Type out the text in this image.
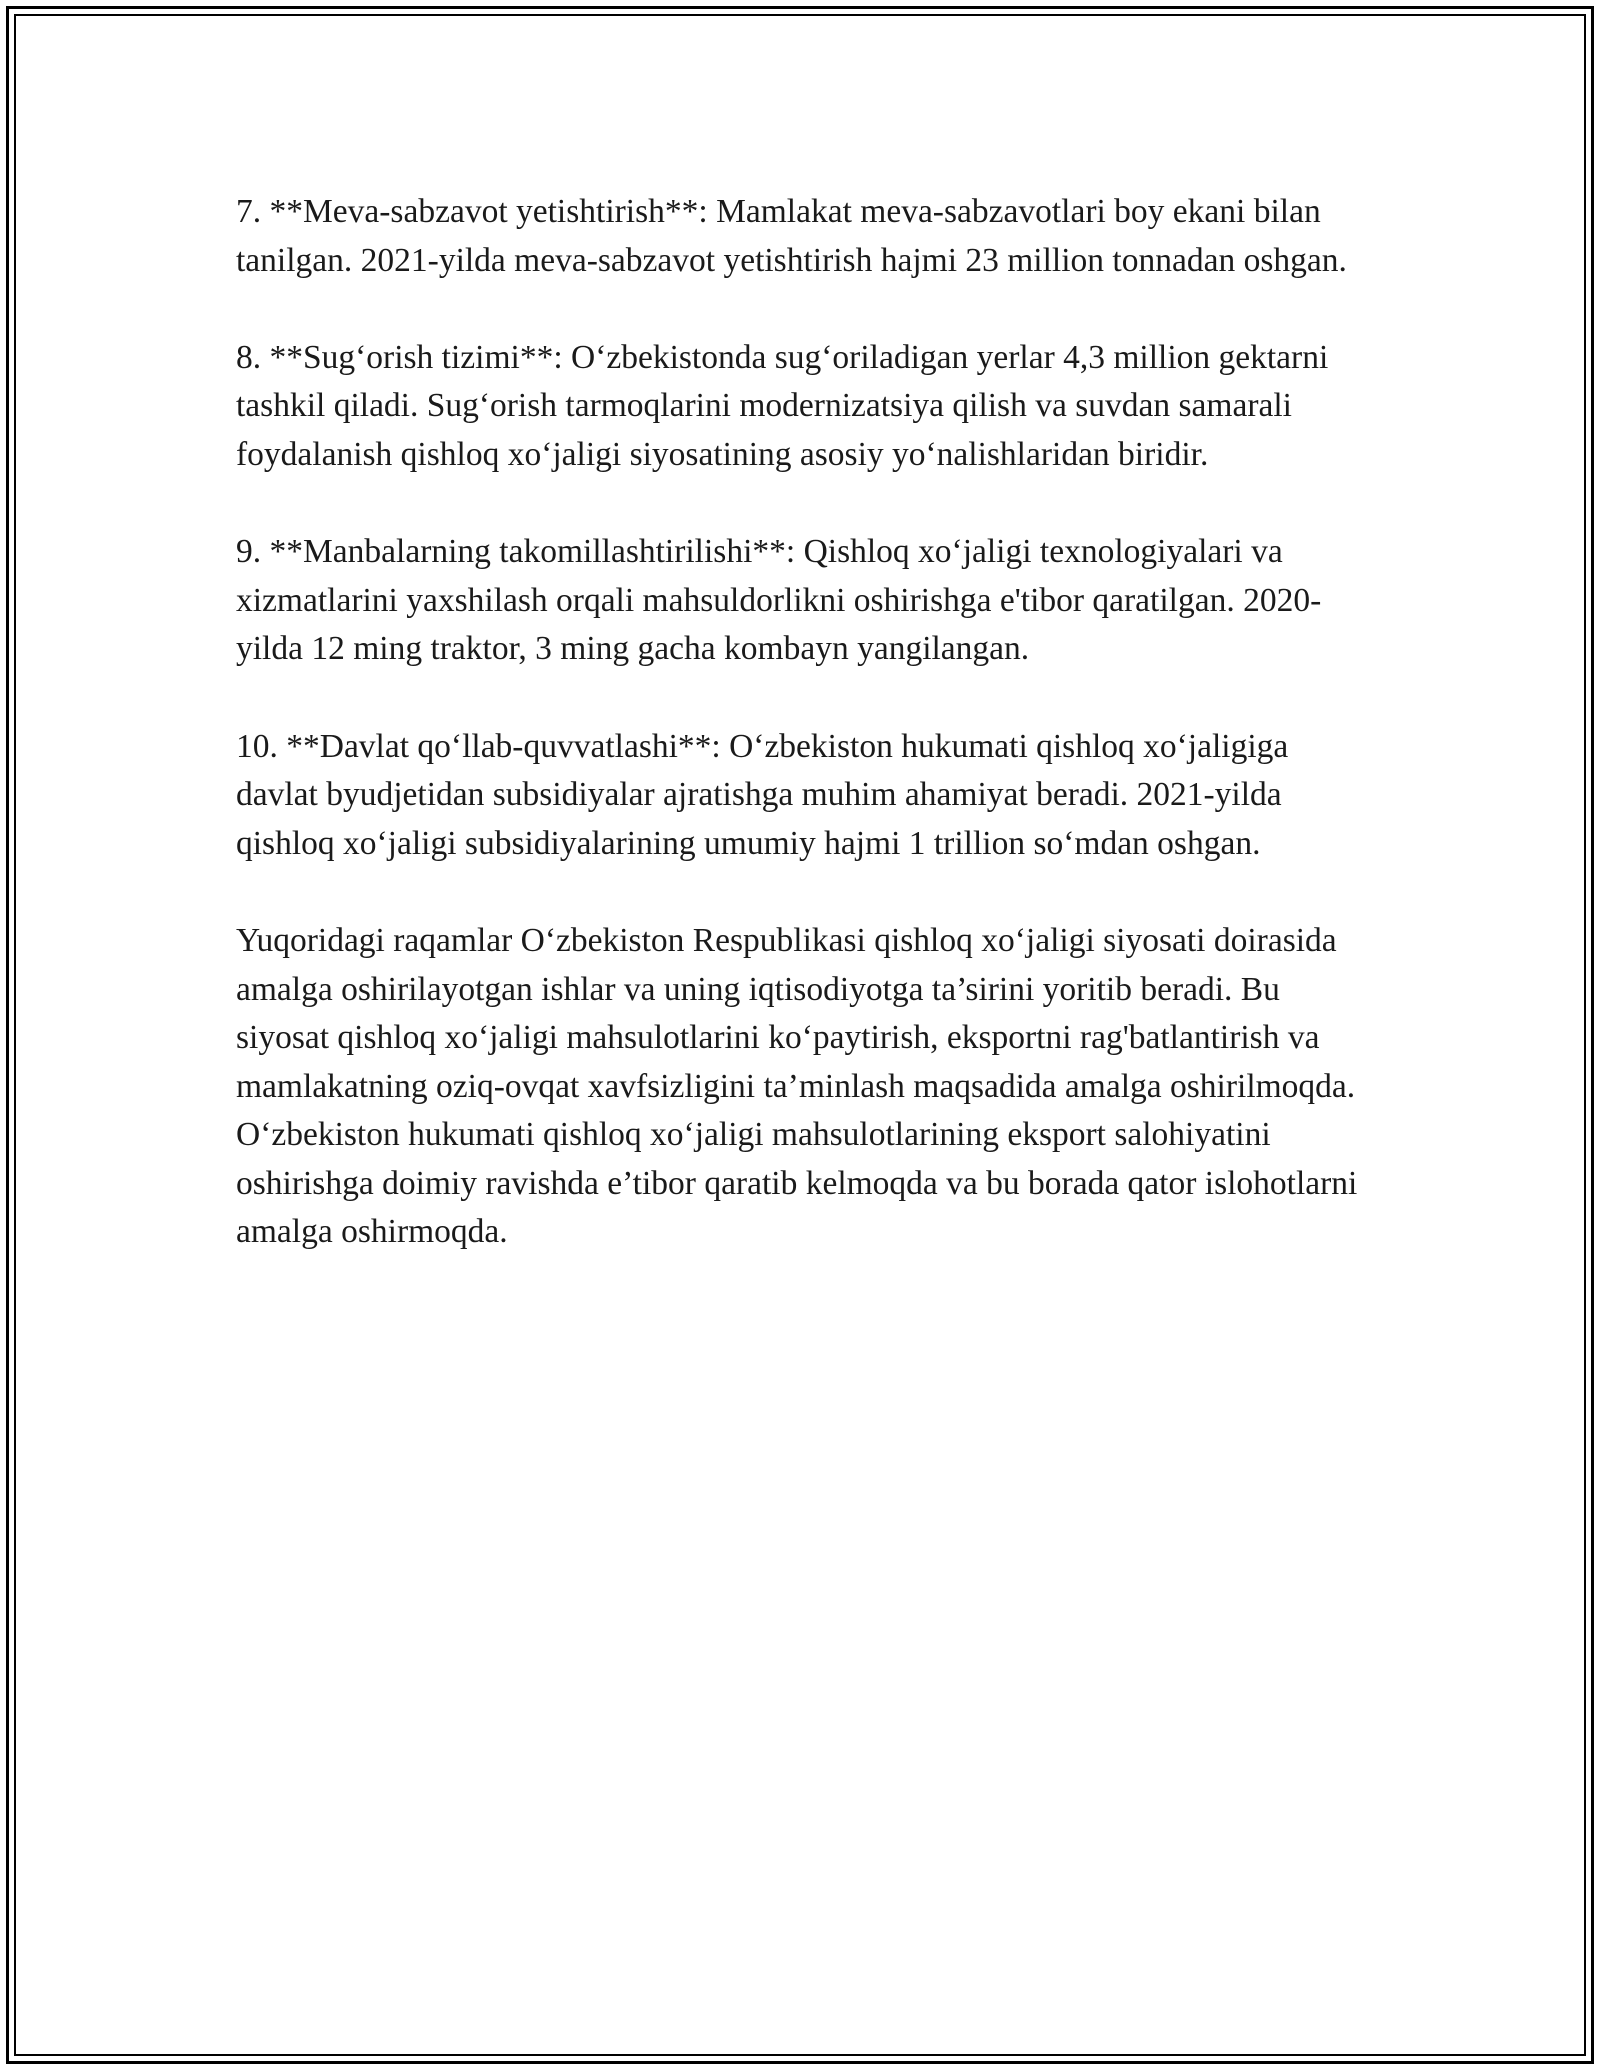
7. **Meva-sabzavot yetishtirish**: Mamlakat meva-sabzavotlari boy ekani bilan tanilgan. 2021-yilda meva-sabzavot yetishtirish hajmi 23 million tonnadan oshgan.

8. **Sug‘orish tizimi**: O‘zbekistonda sug‘oriladigan yerlar 4,3 million gektarni tashkil qiladi. Sug‘orish tarmoqlarini modernizatsiya qilish va suvdan samarali foydalanish qishloq xo‘jaligi siyosatining asosiy yo‘nalishlaridan biridir.

9. **Manbalarning takomillashtirilishi**: Qishloq xo‘jaligi texnologiyalari va xizmatlarini yaxshilash orqali mahsuldorlikni oshirishga e'tibor qaratilgan. 2020-yilda 12 ming traktor, 3 ming gacha kombayn yangilangan.

10. **Davlat qo‘llab-quvvatlashi**: O‘zbekiston hukumati qishloq xo‘jaligiga davlat byudjetidan subsidiyalar ajratishga muhim ahamiyat beradi. 2021-yilda qishloq xo‘jaligi subsidiyalarining umumiy hajmi 1 trillion so‘mdan oshgan.

Yuqoridagi raqamlar O‘zbekiston Respublikasi qishloq xo‘jaligi siyosati doirasida amalga oshirilayotgan ishlar va uning iqtisodiyotga ta’sirini yoritib beradi. Bu siyosat qishloq xo‘jaligi mahsulotlarini ko‘paytirish, eksportni rag'batlantirish va mamlakatning oziq-ovqat xavfsizligini ta’minlash maqsadida amalga oshirilmoqda. O‘zbekiston hukumati qishloq xo‘jaligi mahsulotlarining eksport salohiyatini oshirishga doimiy ravishda e’tibor qaratib kelmoqda va bu borada qator islohotlarni amalga oshirmoqda.
